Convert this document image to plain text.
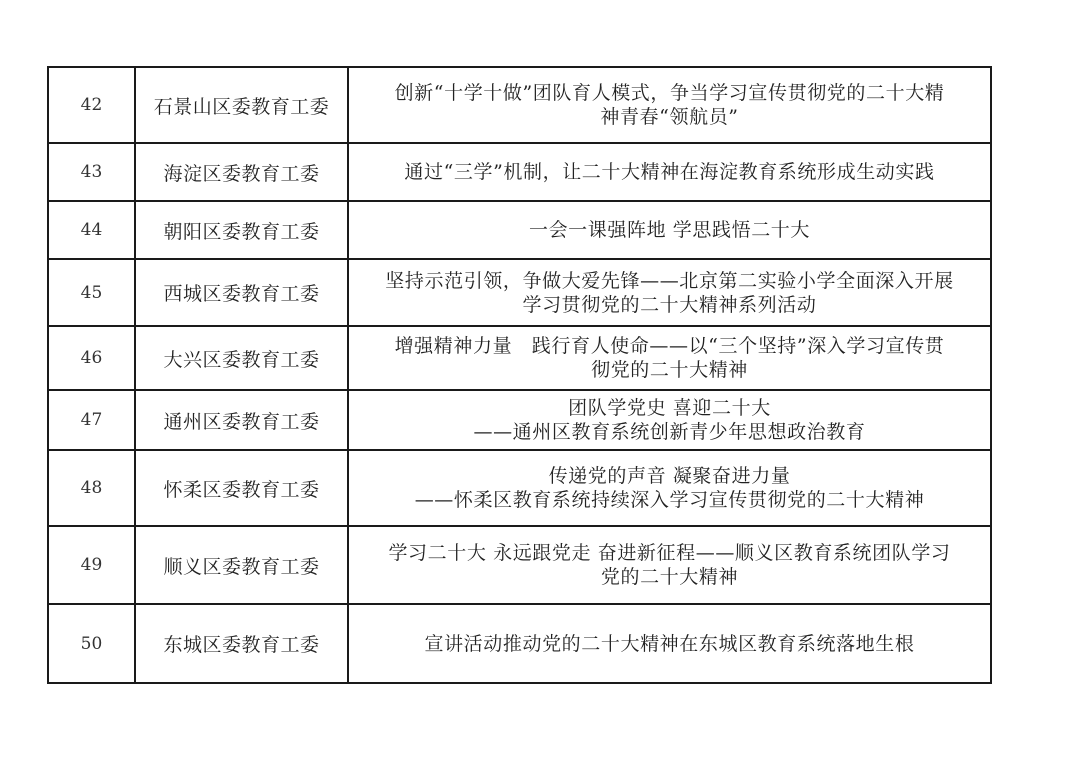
42	石景山区委教育工委	创新“十学十做”团队育人模式，争当学习宣传贯彻党的二十大精
神青春“领航员”

43	海淀区委教育工委	通过“三学”机制，让二十大精神在海淀教育系统形成生动实践

44	朝阳区委教育工委	一会一课强阵地 学思践悟二十大

45	西城区委教育工委	坚持示范引领，争做大爱先锋——北京第二实验小学全面深入开展
学习贯彻党的二十大精神系列活动

46	大兴区委教育工委	增强精神力量　践行育人使命——以“三个坚持”深入学习宣传贯
彻党的二十大精神

47	通州区委教育工委	团队学党史 喜迎二十大
——通州区教育系统创新青少年思想政治教育

48	怀柔区委教育工委	传递党的声音 凝聚奋进力量
——怀柔区教育系统持续深入学习宣传贯彻党的二十大精神

49	顺义区委教育工委	学习二十大 永远跟党走 奋进新征程——顺义区教育系统团队学习
党的二十大精神

50	东城区委教育工委	宣讲活动推动党的二十大精神在东城区教育系统落地生根
